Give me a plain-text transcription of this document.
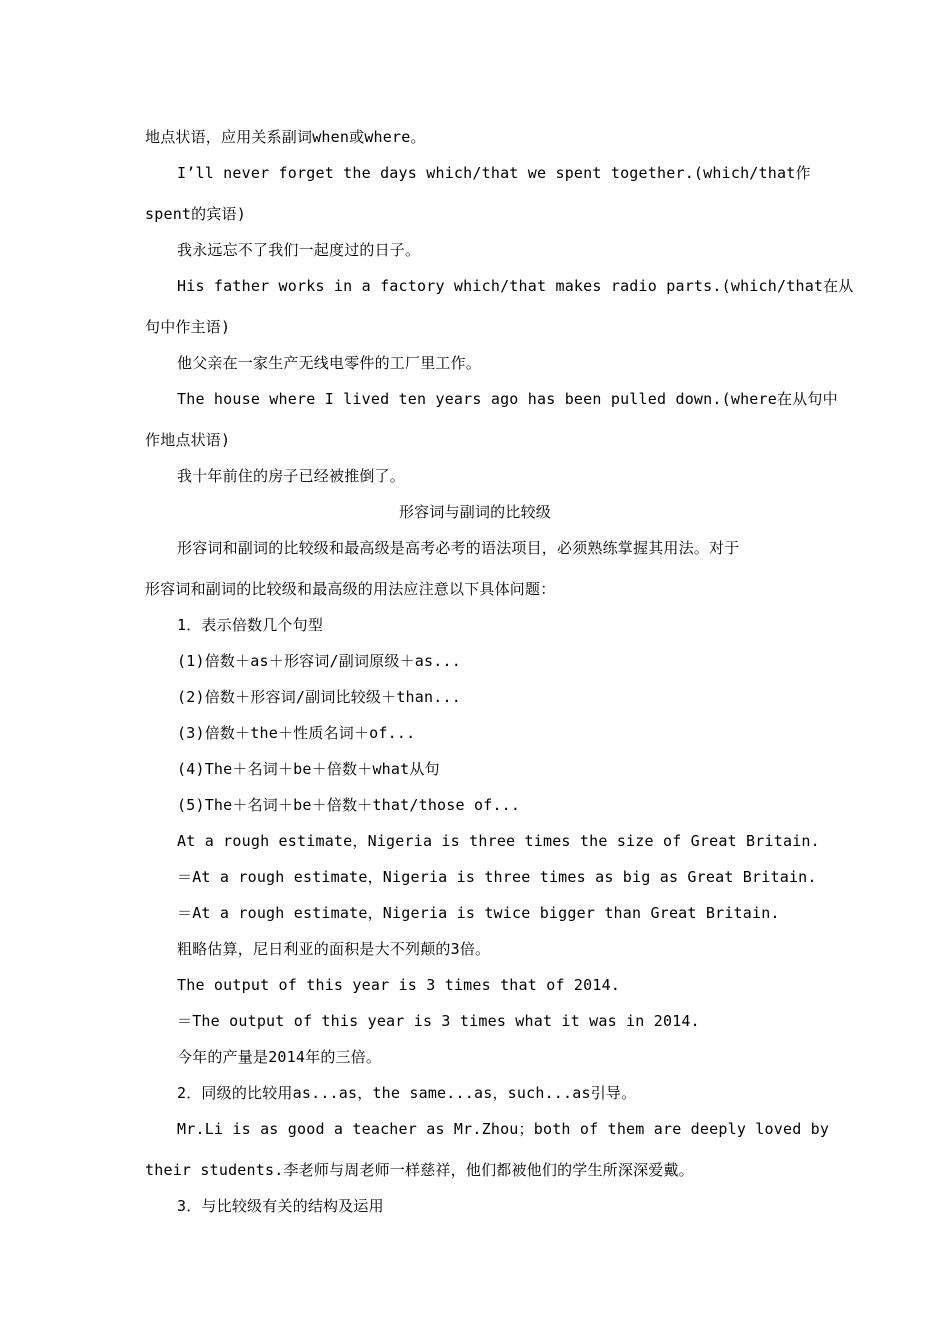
地点状语，应用关系副词when或where。

I’ll never forget the days which/that we spent together.(which/that作

spent的宾语)

我永远忘不了我们一起度过的日子。

His father works in a factory which/that makes radio parts.(which/that在从

句中作主语)

他父亲在一家生产无线电零件的工厂里工作。

The house where I lived ten years ago has been pulled down.(where在从句中

作地点状语)

我十年前住的房子已经被推倒了。

形容词与副词的比较级

形容词和副词的比较级和最高级是高考必考的语法项目，必须熟练掌握其用法。对于

形容词和副词的比较级和最高级的用法应注意以下具体问题：

1．表示倍数几个句型

(1)倍数＋as＋形容词/副词原级＋as...

(2)倍数＋形容词/副词比较级＋than...

(3)倍数＋the＋性质名词＋of...

(4)The＋名词＋be＋倍数＋what从句

(5)The＋名词＋be＋倍数＋that/those of...

At a rough estimate，Nigeria is three times the size of Great Britain.

＝At a rough estimate，Nigeria is three times as big as Great Britain.

＝At a rough estimate，Nigeria is twice bigger than Great Britain.

粗略估算，尼日利亚的面积是大不列颠的3倍。

The output of this year is 3 times that of 2014.

＝The output of this year is 3 times what it was in 2014.

今年的产量是2014年的三倍。

2．同级的比较用as...as，the same...as，such...as引导。

Mr.Li is as good a teacher as Mr.Zhou；both of them are deeply loved by

their students.李老师与周老师一样慈祥，他们都被他们的学生所深深爱戴。

3．与比较级有关的结构及运用
